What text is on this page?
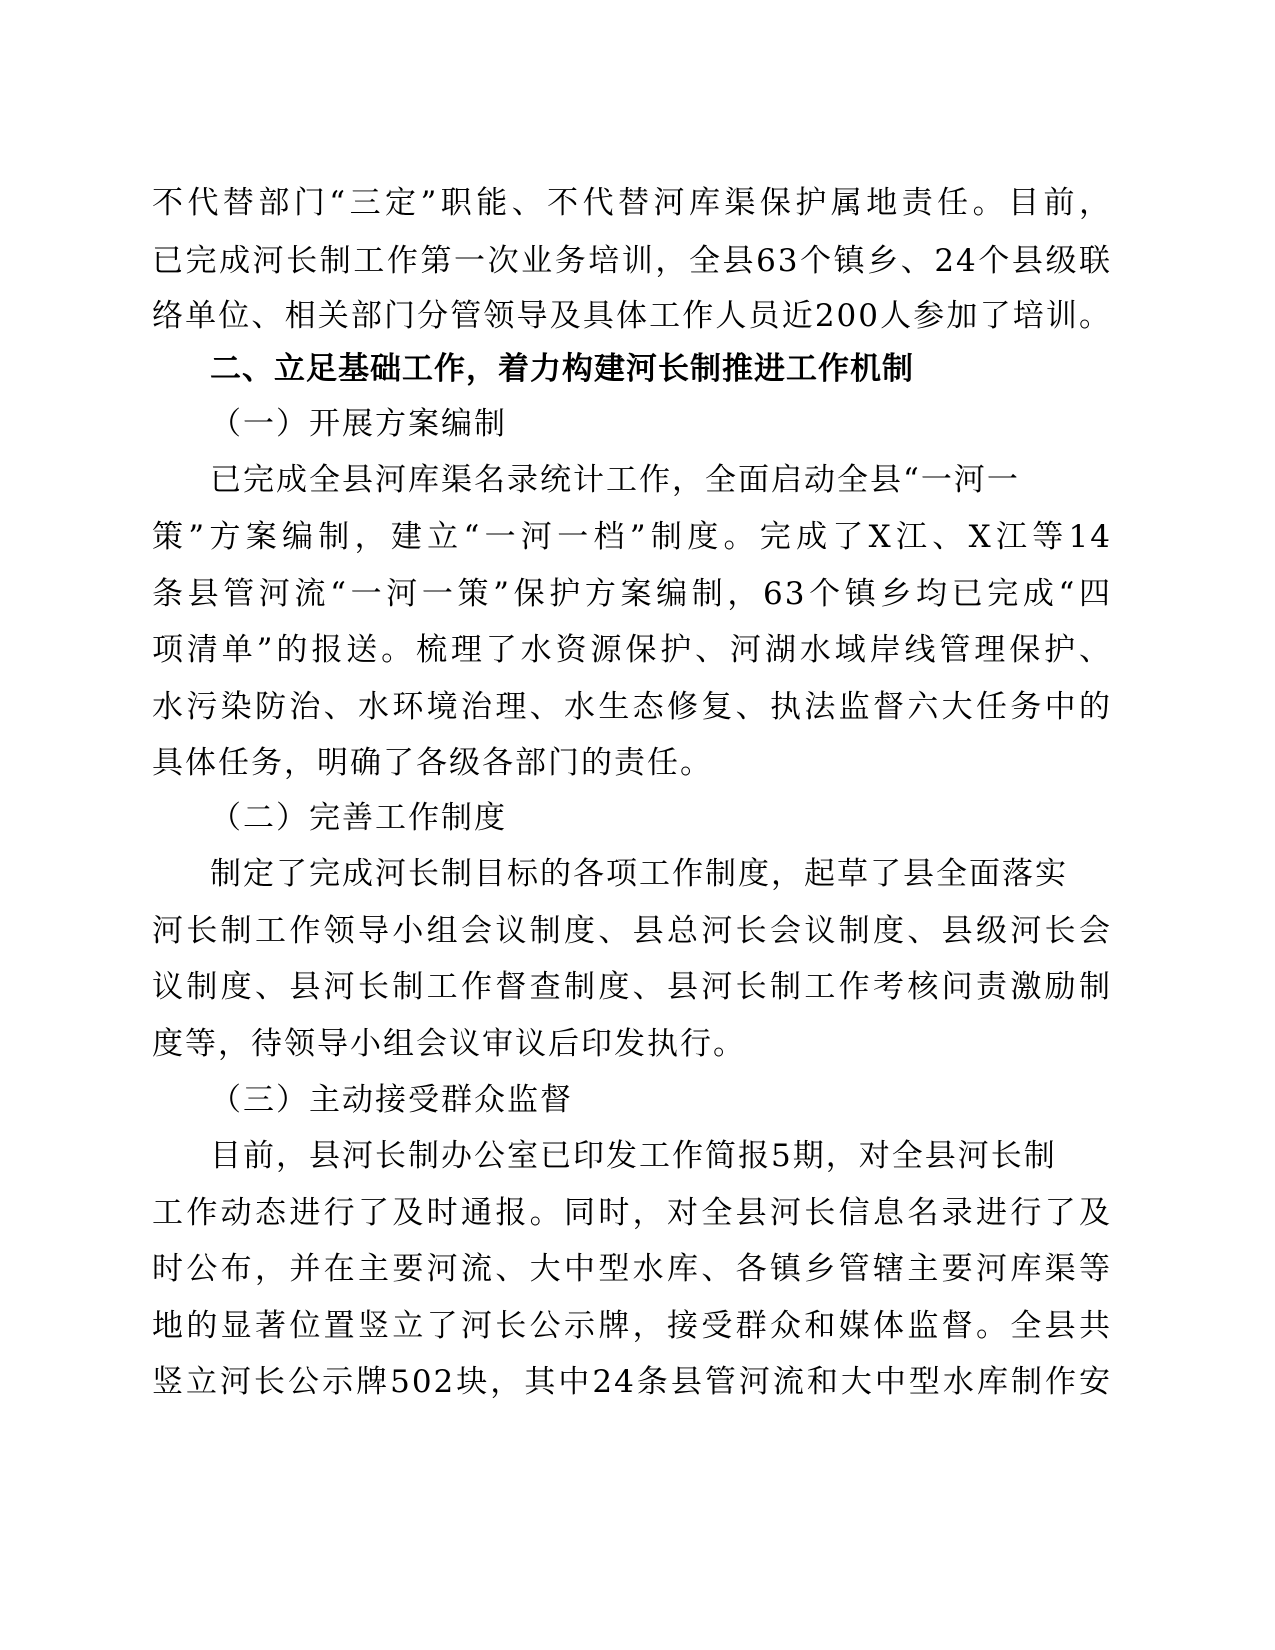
不代替部门“三定”职能、不代替河库渠保护属地责任。目前，
已完成河长制工作第一次业务培训，全县63个镇乡、24个县级联
络单位、相关部门分管领导及具体工作人员近200人参加了培训。
二、立足基础工作，着力构建河长制推进工作机制
（一）开展方案编制
已完成全县河库渠名录统计工作，全面启动全县“一河一
策”方案编制，建立“一河一档”制度。完成了X江、X江等14
条县管河流“一河一策”保护方案编制，63个镇乡均已完成“四
项清单”的报送。梳理了水资源保护、河湖水域岸线管理保护、
水污染防治、水环境治理、水生态修复、执法监督六大任务中的
具体任务，明确了各级各部门的责任。
（二）完善工作制度
制定了完成河长制目标的各项工作制度，起草了县全面落实
河长制工作领导小组会议制度、县总河长会议制度、县级河长会
议制度、县河长制工作督查制度、县河长制工作考核问责激励制
度等，待领导小组会议审议后印发执行。
（三）主动接受群众监督
目前，县河长制办公室已印发工作简报5期，对全县河长制
工作动态进行了及时通报。同时，对全县河长信息名录进行了及
时公布，并在主要河流、大中型水库、各镇乡管辖主要河库渠等
地的显著位置竖立了河长公示牌，接受群众和媒体监督。全县共
竖立河长公示牌502块，其中24条县管河流和大中型水库制作安
